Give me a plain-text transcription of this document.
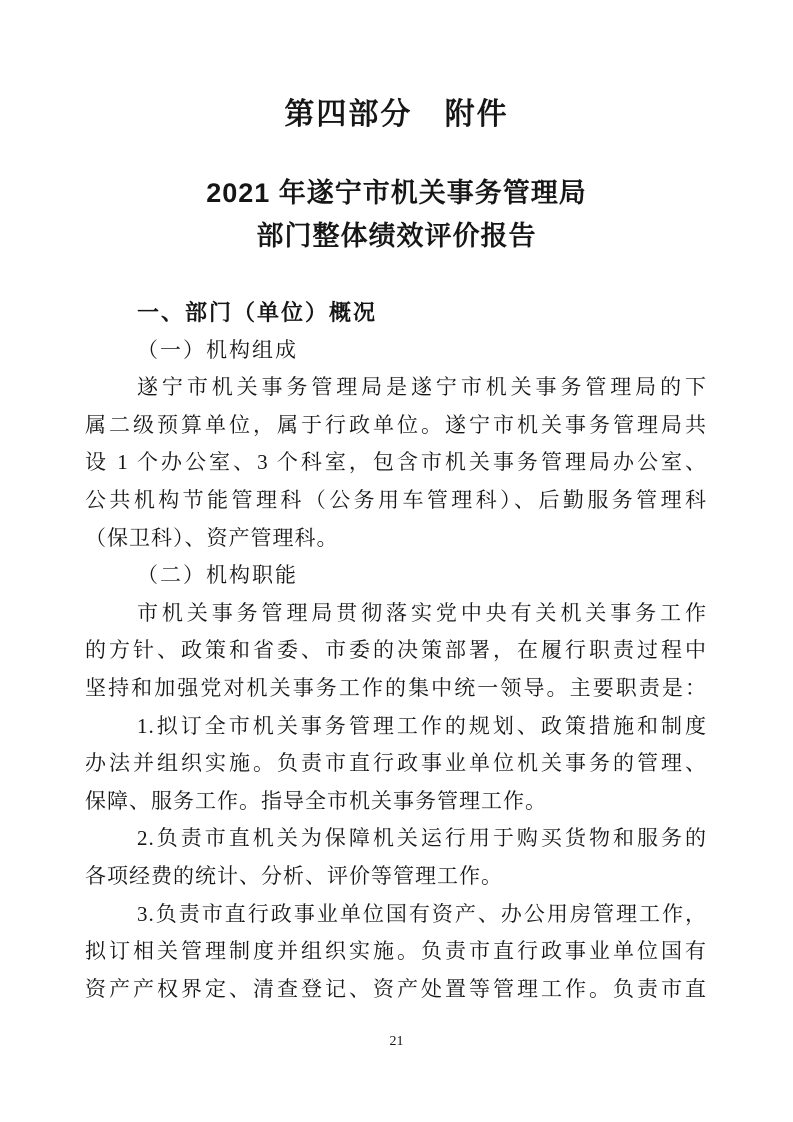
第四部分 附件
2021 年遂宁市机关事务管理局
部门整体绩效评价报告
一、部门（单位）概况
（一）机构组成
遂宁市机关事务管理局是遂宁市机关事务管理局的下
属二级预算单位，属于行政单位。遂宁市机关事务管理局共
设 1 个办公室、3 个科室，包含市机关事务管理局办公室、
公共机构节能管理科（公务用车管理科）、后勤服务管理科
（保卫科）、资产管理科。
（二）机构职能
市机关事务管理局贯彻落实党中央有关机关事务工作
的方针、政策和省委、市委的决策部署，在履行职责过程中
坚持和加强党对机关事务工作的集中统一领导。主要职责是：
1.拟订全市机关事务管理工作的规划、政策措施和制度
办法并组织实施。负责市直行政事业单位机关事务的管理、
保障、服务工作。指导全市机关事务管理工作。
2.负责市直机关为保障机关运行用于购买货物和服务的
各项经费的统计、分析、评价等管理工作。
3.负责市直行政事业单位国有资产、办公用房管理工作，
拟订相关管理制度并组织实施。负责市直行政事业单位国有
资产产权界定、清查登记、资产处置等管理工作。负责市直
21
